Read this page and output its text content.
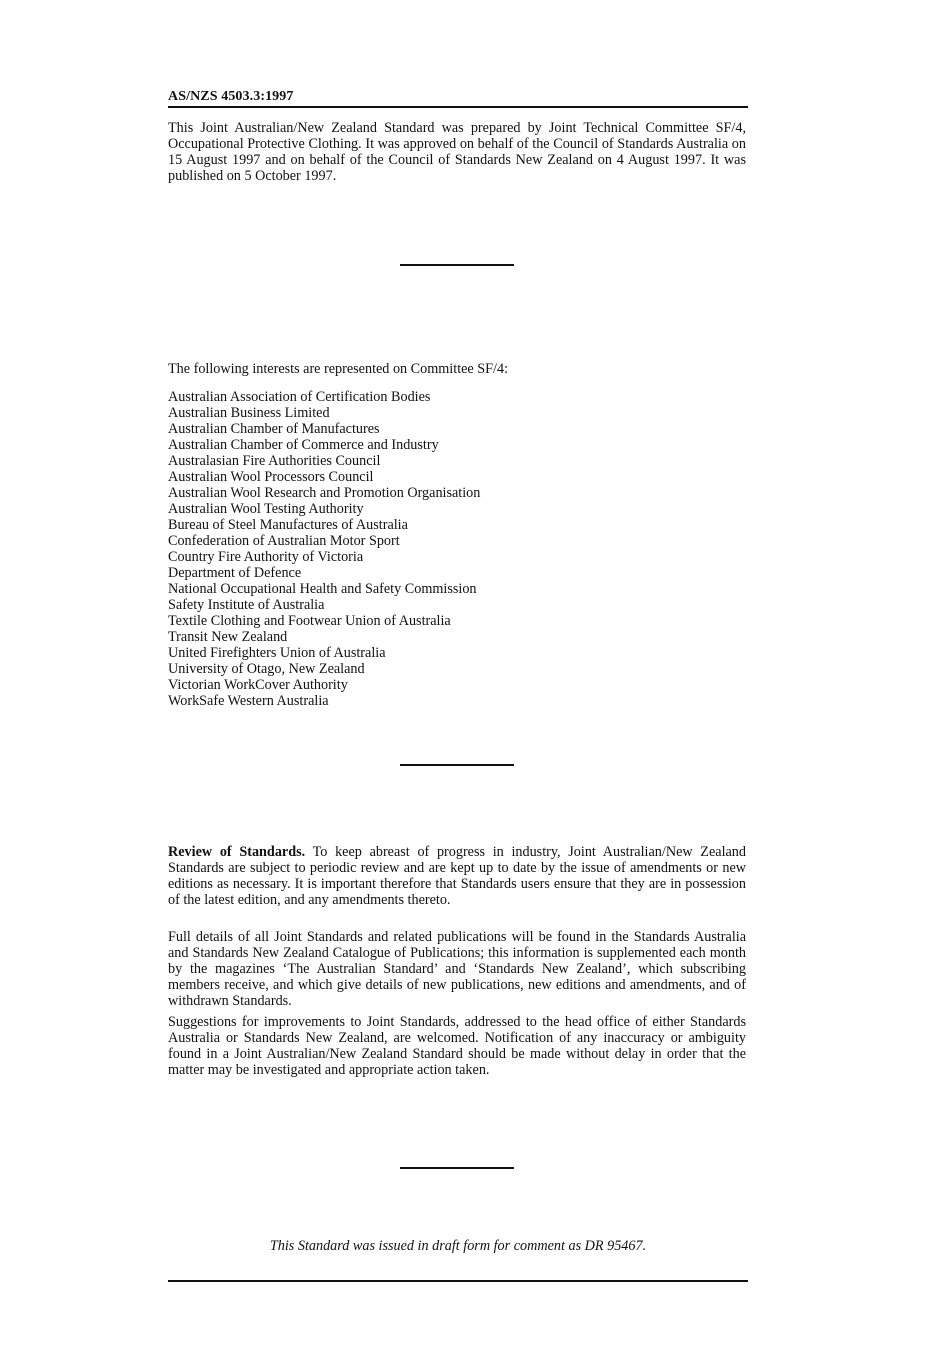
AS/NZS 4503.3:1997

This Joint Australian/New Zealand Standard was prepared by Joint Technical Committee SF/4, Occupational Protective Clothing. It was approved on behalf of the Council of Standards Australia on 15 August 1997 and on behalf of the Council of Standards New Zealand on 4 August 1997. It was published on 5 October 1997.

The following interests are represented on Committee SF/4:

Australian Association of Certification Bodies
Australian Business Limited
Australian Chamber of Manufactures
Australian Chamber of Commerce and Industry
Australasian Fire Authorities Council
Australian Wool Processors Council
Australian Wool Research and Promotion Organisation
Australian Wool Testing Authority
Bureau of Steel Manufactures of Australia
Confederation of Australian Motor Sport
Country Fire Authority of Victoria
Department of Defence
National Occupational Health and Safety Commission
Safety Institute of Australia
Textile Clothing and Footwear Union of Australia
Transit New Zealand
United Firefighters Union of Australia
University of Otago, New Zealand
Victorian WorkCover Authority
WorkSafe Western Australia

Review of Standards. To keep abreast of progress in industry, Joint Australian/New Zealand Standards are subject to periodic review and are kept up to date by the issue of amendments or new editions as necessary. It is important therefore that Standards users ensure that they are in possession of the latest edition, and any amendments thereto.

Full details of all Joint Standards and related publications will be found in the Standards Australia and Standards New Zealand Catalogue of Publications; this information is supplemented each month by the magazines ‘The Australian Standard’ and ‘Standards New Zealand’, which subscribing members receive, and which give details of new publications, new editions and amendments, and of withdrawn Standards.

Suggestions for improvements to Joint Standards, addressed to the head office of either Standards Australia or Standards New Zealand, are welcomed. Notification of any inaccuracy or ambiguity found in a Joint Australian/New Zealand Standard should be made without delay in order that the matter may be investigated and appropriate action taken.

This Standard was issued in draft form for comment as DR 95467.
